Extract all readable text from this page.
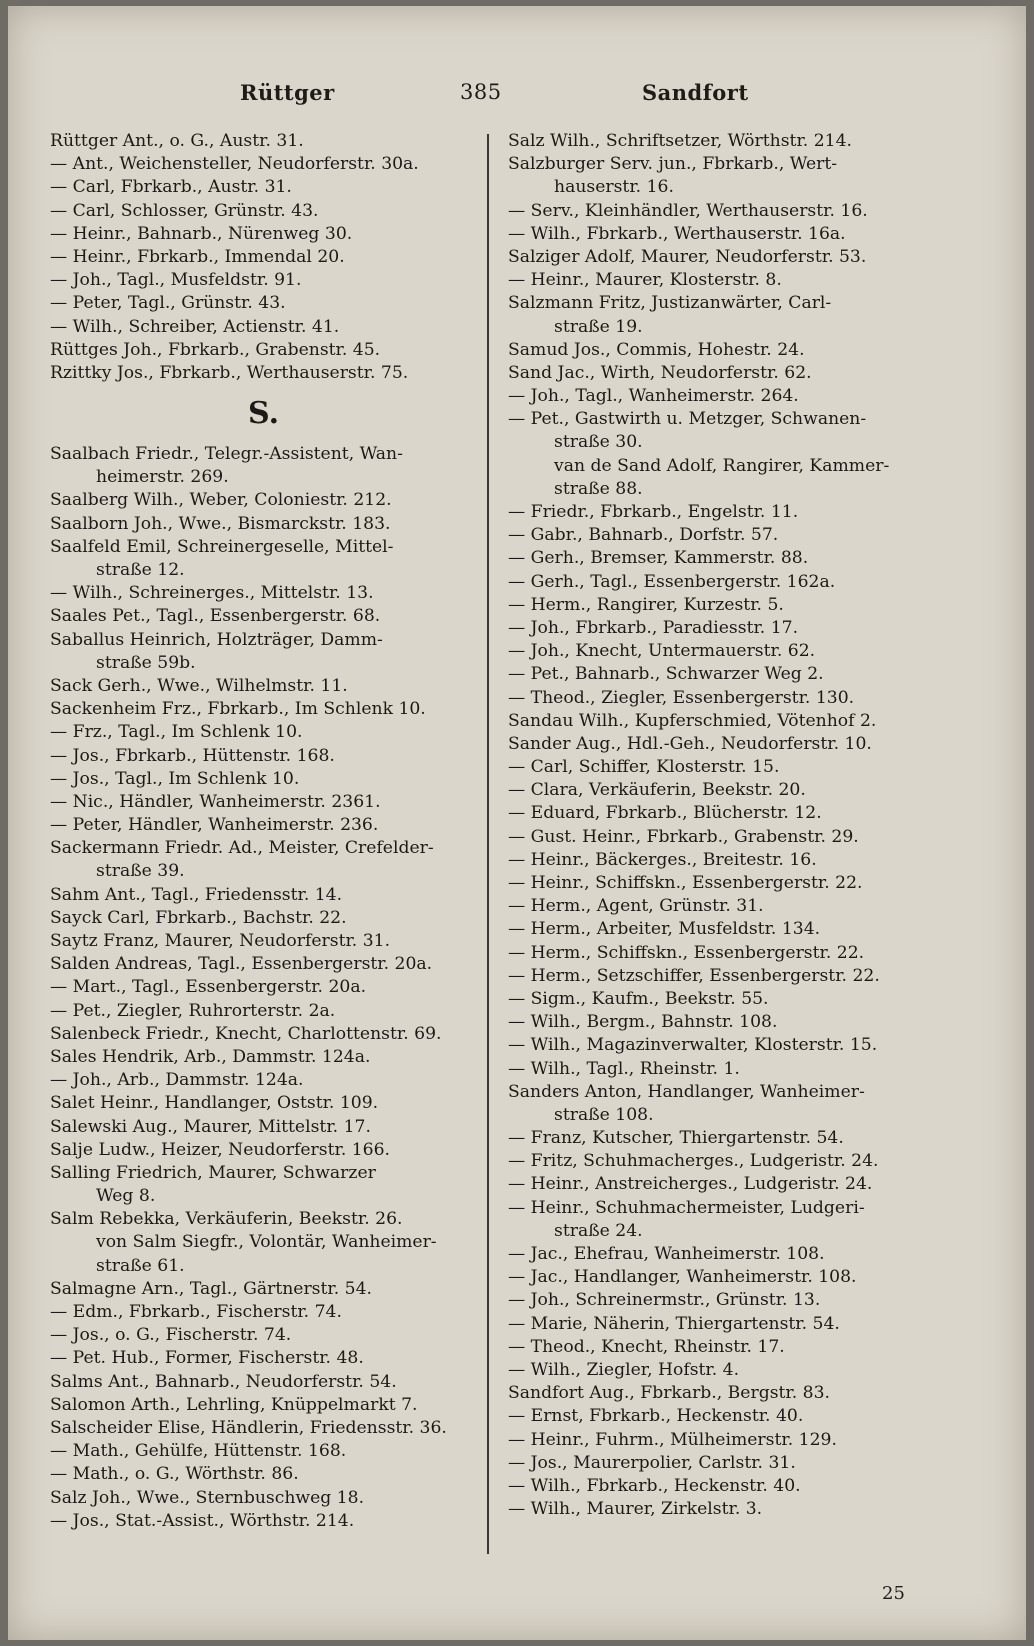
Rüttger	385	Sandfort
Rüttger Ant., o. G., Austr. 31.
— Ant., Weichensteller, Neudorferstr. 30a.
— Carl, Fbrkarb., Austr. 31.
— Carl, Schlosser, Grünstr. 43.
— Heinr., Bahnarb., Nürenweg 30.
— Heinr., Fbrkarb., Immendal 20.
— Joh., Tagl., Musfeldstr. 91.
— Peter, Tagl., Grünstr. 43.
— Wilh., Schreiber, Actienstr. 41.
Rüttges Joh., Fbrkarb., Grabenstr. 45.
Rzittky Jos., Fbrkarb., Werthauserstr. 75.
S.
Saalbach Friedr., Telegr.-Assistent, Wan-
heimerstr. 269.
Saalberg Wilh., Weber, Coloniestr. 212.
Saalborn Joh., Wwe., Bismarckstr. 183.
Saalfeld Emil, Schreinergeselle, Mittel-
straße 12.
— Wilh., Schreinerges., Mittelstr. 13.
Saales Pet., Tagl., Essenbergerstr. 68.
Saballus Heinrich, Holzträger, Damm-
straße 59b.
Sack Gerh., Wwe., Wilhelmstr. 11.
Sackenheim Frz., Fbrkarb., Im Schlenk 10.
— Frz., Tagl., Im Schlenk 10.
— Jos., Fbrkarb., Hüttenstr. 168.
— Jos., Tagl., Im Schlenk 10.
— Nic., Händler, Wanheimerstr. 2361.
— Peter, Händler, Wanheimerstr. 236.
Sackermann Friedr. Ad., Meister, Crefelder-
straße 39.
Sahm Ant., Tagl., Friedensstr. 14.
Sayck Carl, Fbrkarb., Bachstr. 22.
Saytz Franz, Maurer, Neudorferstr. 31.
Salden Andreas, Tagl., Essenbergerstr. 20a.
— Mart., Tagl., Essenbergerstr. 20a.
— Pet., Ziegler, Ruhrorterstr. 2a.
Salenbeck Friedr., Knecht, Charlottenstr. 69.
Sales Hendrik, Arb., Dammstr. 124a.
— Joh., Arb., Dammstr. 124a.
Salet Heinr., Handlanger, Oststr. 109.
Salewski Aug., Maurer, Mittelstr. 17.
Salje Ludw., Heizer, Neudorferstr. 166.
Salling Friedrich, Maurer, Schwarzer
Weg 8.
Salm Rebekka, Verkäuferin, Beekstr. 26.
von Salm Siegfr., Volontär, Wanheimer-
straße 61.
Salmagne Arn., Tagl., Gärtnerstr. 54.
— Edm., Fbrkarb., Fischerstr. 74.
— Jos., o. G., Fischerstr. 74.
— Pet. Hub., Former, Fischerstr. 48.
Salms Ant., Bahnarb., Neudorferstr. 54.
Salomon Arth., Lehrling, Knüppelmarkt 7.
Salscheider Elise, Händlerin, Friedensstr. 36.
— Math., Gehülfe, Hüttenstr. 168.
— Math., o. G., Wörthstr. 86.
Salz Joh., Wwe., Sternbuschweg 18.
— Jos., Stat.-Assist., Wörthstr. 214.
Salz Wilh., Schriftsetzer, Wörthstr. 214.
Salzburger Serv. jun., Fbrkarb., Wert-
hauserstr. 16.
— Serv., Kleinhändler, Werthauserstr. 16.
— Wilh., Fbrkarb., Werthauserstr. 16a.
Salziger Adolf, Maurer, Neudorferstr. 53.
— Heinr., Maurer, Klosterstr. 8.
Salzmann Fritz, Justizanwärter, Carl-
straße 19.
Samud Jos., Commis, Hohestr. 24.
Sand Jac., Wirth, Neudorferstr. 62.
— Joh., Tagl., Wanheimerstr. 264.
— Pet., Gastwirth u. Metzger, Schwanen-
straße 30.
van de Sand Adolf, Rangirer, Kammer-
straße 88.
— Friedr., Fbrkarb., Engelstr. 11.
— Gabr., Bahnarb., Dorfstr. 57.
— Gerh., Bremser, Kammerstr. 88.
— Gerh., Tagl., Essenbergerstr. 162a.
— Herm., Rangirer, Kurzestr. 5.
— Joh., Fbrkarb., Paradiesstr. 17.
— Joh., Knecht, Untermauerstr. 62.
— Pet., Bahnarb., Schwarzer Weg 2.
— Theod., Ziegler, Essenbergerstr. 130.
Sandau Wilh., Kupferschmied, Vötenhof 2.
Sander Aug., Hdl.-Geh., Neudorferstr. 10.
— Carl, Schiffer, Klosterstr. 15.
— Clara, Verkäuferin, Beekstr. 20.
— Eduard, Fbrkarb., Blücherstr. 12.
— Gust. Heinr., Fbrkarb., Grabenstr. 29.
— Heinr., Bäckerges., Breitestr. 16.
— Heinr., Schiffskn., Essenbergerstr. 22.
— Herm., Agent, Grünstr. 31.
— Herm., Arbeiter, Musfeldstr. 134.
— Herm., Schiffskn., Essenbergerstr. 22.
— Herm., Setzschiffer, Essenbergerstr. 22.
— Sigm., Kaufm., Beekstr. 55.
— Wilh., Bergm., Bahnstr. 108.
— Wilh., Magazinverwalter, Klosterstr. 15.
— Wilh., Tagl., Rheinstr. 1.
Sanders Anton, Handlanger, Wanheimer-
straße 108.
— Franz, Kutscher, Thiergartenstr. 54.
— Fritz, Schuhmacherges., Ludgeristr. 24.
— Heinr., Anstreicherges., Ludgeristr. 24.
— Heinr., Schuhmachermeister, Ludgeri-
straße 24.
— Jac., Ehefrau, Wanheimerstr. 108.
— Jac., Handlanger, Wanheimerstr. 108.
— Joh., Schreinermstr., Grünstr. 13.
— Marie, Näherin, Thiergartenstr. 54.
— Theod., Knecht, Rheinstr. 17.
— Wilh., Ziegler, Hofstr. 4.
Sandfort Aug., Fbrkarb., Bergstr. 83.
— Ernst, Fbrkarb., Heckenstr. 40.
— Heinr., Fuhrm., Mülheimerstr. 129.
— Jos., Maurerpolier, Carlstr. 31.
— Wilh., Fbrkarb., Heckenstr. 40.
— Wilh., Maurer, Zirkelstr. 3.
25
